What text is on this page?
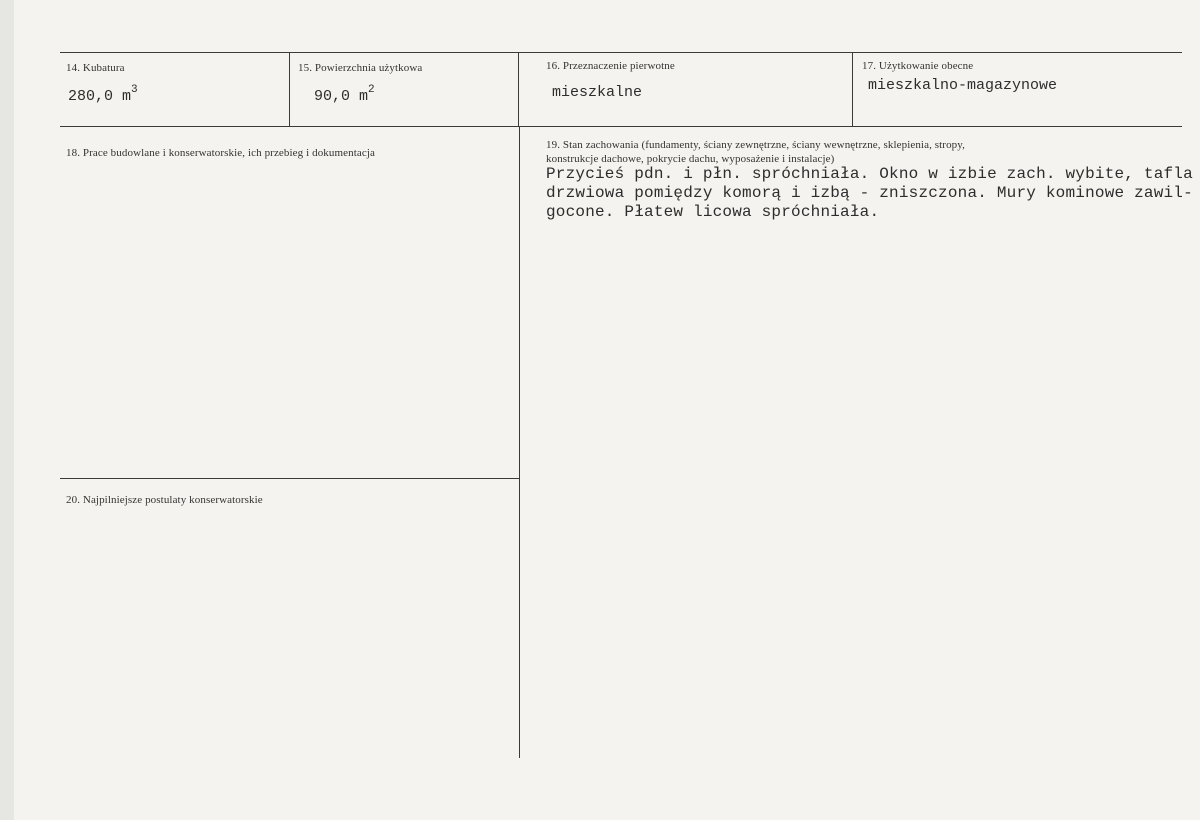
14. Kubatura
280,0 $m^3$
15. Powierzchnia użytkowa
90,0 $m^2$
16. Przeznaczenie pierwotne
mieszkalne
17. Użytkowanie obecne
mieszkalno-magazynowe
18. Prace budowlane i konserwatorskie, ich przebieg i dokumentacja
19. Stan zachowania (fundamenty, ściany zewnętrzne, ściany wewnętrzne, sklepienia, stropy,
konstrukcje dachowe, pokrycie dachu, wyposażenie i instalacje)
Przycieś pdn. i płn. spróchniała. Okno w izbie zach. wybite, tafla
drzwiowa pomiędzy komorą i izbą - zniszczona. Mury kominowe zawil-
gocone. Płatew licowa spróchniała.
20. Najpilniejsze postulaty konserwatorskie
